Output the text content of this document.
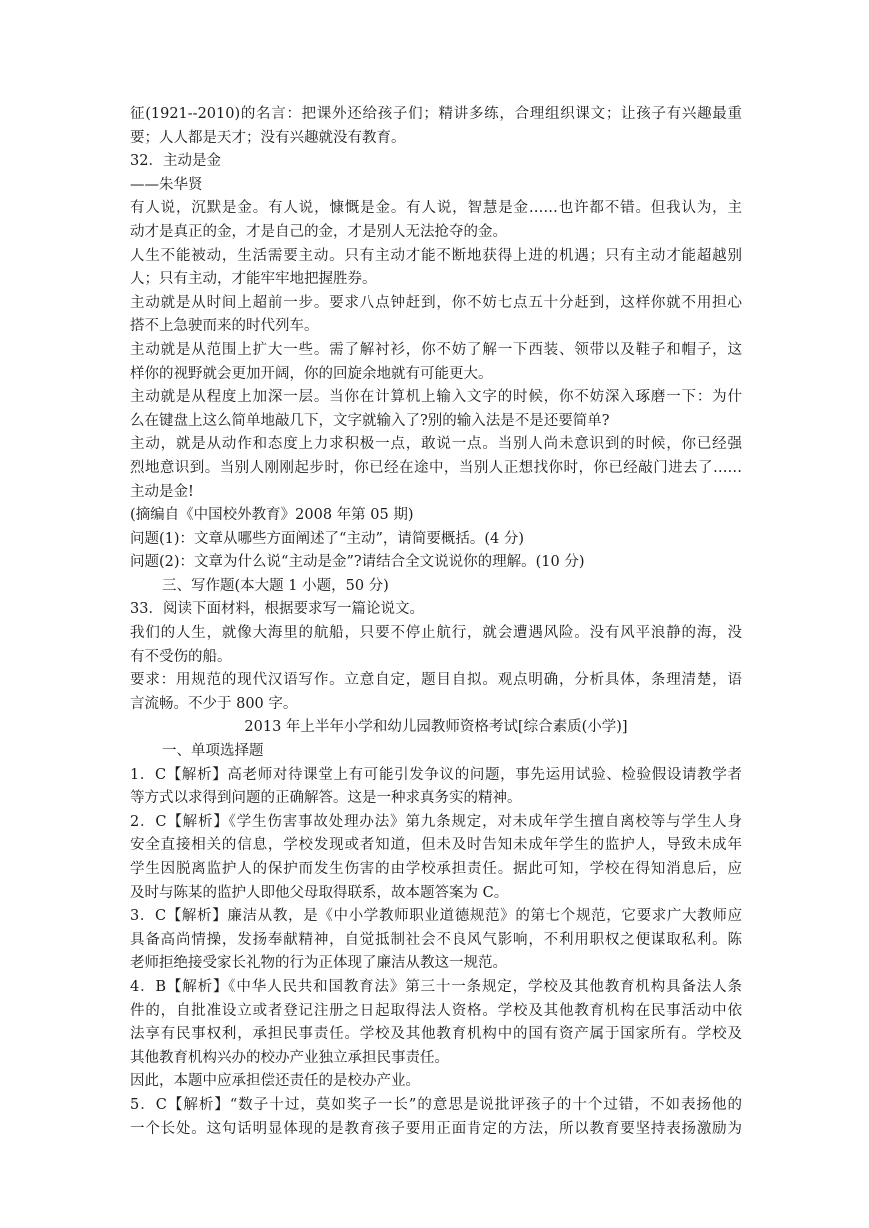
征(1921--2010)的名言：把课外还给孩子们；精讲多练，合理组织课文；让孩子有兴趣最重
要；人人都是天才；没有兴趣就没有教育。
32．主动是金
——朱华贤
有人说，沉默是金。有人说，慷慨是金。有人说，智慧是金……也许都不错。但我认为，主
动才是真正的金，才是自己的金，才是别人无法抢夺的金。
人生不能被动，生活需要主动。只有主动才能不断地获得上进的机遇；只有主动才能超越别
人；只有主动，才能牢牢地把握胜券。
主动就是从时间上超前一步。要求八点钟赶到，你不妨七点五十分赶到，这样你就不用担心
搭不上急驶而来的时代列车。
主动就是从范围上扩大一些。需了解衬衫，你不妨了解一下西装、领带以及鞋子和帽子，这
样你的视野就会更加开阔，你的回旋余地就有可能更大。
主动就是从程度上加深一层。当你在计算机上输入文字的时候，你不妨深入琢磨一下：为什
么在键盘上这么简单地敲几下，文字就输入了?别的输入法是不是还要简单?
主动，就是从动作和态度上力求积极一点，敢说一点。当别人尚未意识到的时候，你已经强
烈地意识到。当别人刚刚起步时，你已经在途中，当别人正想找你时，你已经敲门进去了……
主动是金!
(摘编自《中国校外教育》2008 年第 05 期)
问题(1)：文章从哪些方面阐述了“主动”，请简要概括。(4 分)
问题(2)：文章为什么说“主动是金”?请结合全文说说你的理解。(10 分)
三、写作题(本大题 1 小题，50 分)
33．阅读下面材料，根据要求写一篇论说文。
我们的人生，就像大海里的航船，只要不停止航行，就会遭遇风险。没有风平浪静的海，没
有不受伤的船。
要求：用规范的现代汉语写作。立意自定，题目自拟。观点明确，分析具体，条理清楚，语
言流畅。不少于 800 字。
2013 年上半年小学和幼儿园教师资格考试[综合素质(小学)]
一、单项选择题
1．C【解析】高老师对待课堂上有可能引发争议的问题，事先运用试验、检验假设请教学者
等方式以求得到问题的正确解答。这是一种求真务实的精神。
2．C【解析】《学生伤害事故处理办法》第九条规定，对未成年学生擅自离校等与学生人身
安全直接相关的信息，学校发现或者知道，但未及时告知未成年学生的监护人，导致未成年
学生因脱离监护人的保护而发生伤害的由学校承担责任。据此可知，学校在得知消息后，应
及时与陈某的监护人即他父母取得联系，故本题答案为 C。
3．C【解析】廉洁从教，是《中小学教师职业道德规范》的第七个规范，它要求广大教师应
具备高尚情操，发扬奉献精神，自觉抵制社会不良风气影响，不利用职权之便谋取私利。陈
老师拒绝接受家长礼物的行为正体现了廉洁从教这一规范。
4．B【解析】《中华人民共和国教育法》第三十一条规定，学校及其他教育机构具备法人条
件的，自批准设立或者登记注册之日起取得法人资格。学校及其他教育机构在民事活动中依
法享有民事权利，承担民事责任。学校及其他教育机构中的国有资产属于国家所有。学校及
其他教育机构兴办的校办产业独立承担民事责任。
因此，本题中应承担偿还责任的是校办产业。
5．C【解析】“数子十过，莫如奖子一长”的意思是说批评孩子的十个过错，不如表扬他的
一个长处。这句话明显体现的是教育孩子要用正面肯定的方法，所以教育要坚持表扬激励为
